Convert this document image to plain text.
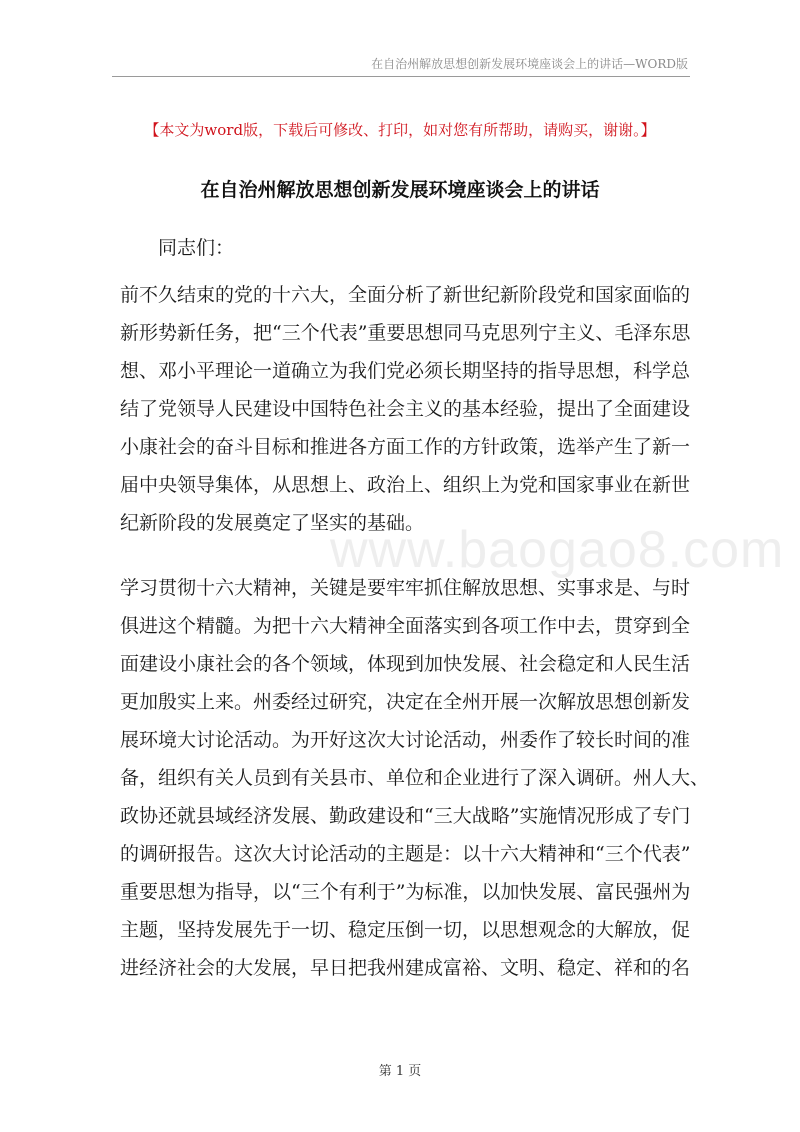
在自治州解放思想创新发展环境座谈会上的讲话—WORD版
【本文为word版，下载后可修改、打印，如对您有所帮助，请购买，谢谢。】
在自治州解放思想创新发展环境座谈会上的讲话
同志们：
前不久结束的党的十六大，全面分析了新世纪新阶段党和国家面临的
新形势新任务，把“三个代表”重要思想同马克思列宁主义、毛泽东思
想、邓小平理论一道确立为我们党必须长期坚持的指导思想，科学总
结了党领导人民建设中国特色社会主义的基本经验，提出了全面建设
小康社会的奋斗目标和推进各方面工作的方针政策，选举产生了新一
届中央领导集体，从思想上、政治上、组织上为党和国家事业在新世
纪新阶段的发展奠定了坚实的基础。
www.baogao8.com
学习贯彻十六大精神，关键是要牢牢抓住解放思想、实事求是、与时
俱进这个精髓。为把十六大精神全面落实到各项工作中去，贯穿到全
面建设小康社会的各个领域，体现到加快发展、社会稳定和人民生活
更加殷实上来。州委经过研究，决定在全州开展一次解放思想创新发
展环境大讨论活动。为开好这次大讨论活动，州委作了较长时间的准
备，组织有关人员到有关县市、单位和企业进行了深入调研。州人大、
政协还就县域经济发展、勤政建设和“三大战略”实施情况形成了专门
的调研报告。这次大讨论活动的主题是：以十六大精神和“三个代表”
重要思想为指导，以“三个有利于”为标准，以加快发展、富民强州为
主题，坚持发展先于一切、稳定压倒一切，以思想观念的大解放，促
进经济社会的大发展，早日把我州建成富裕、文明、稳定、祥和的名
第 1 页
